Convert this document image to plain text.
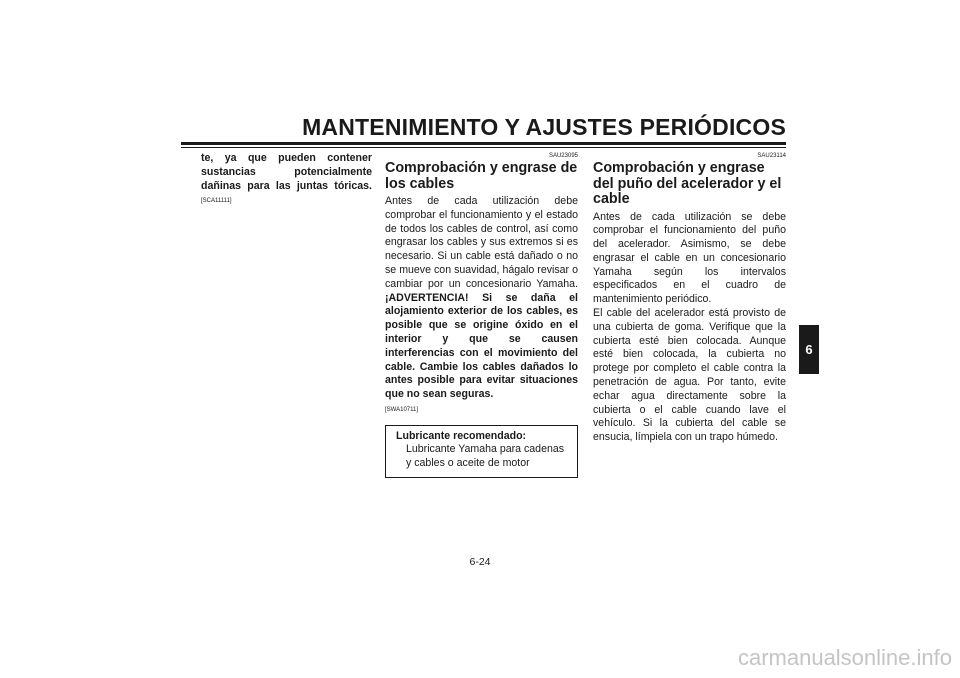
MANTENIMIENTO Y AJUSTES PERIÓDICOS

te, ya que pueden contener sustancias potencialmente dañinas para las juntas tóricas. [SCA11111]

SAU23095
Comprobación y engrase de los cables

Antes de cada utilización debe comprobar el funcionamiento y el estado de todos los cables de control, así como engrasar los cables y sus extremos si es necesario. Si un cable está dañado o no se mueve con suavidad, hágalo revisar o cambiar por un concesionario Yamaha. ¡ADVERTENCIA! Si se daña el alojamiento exterior de los cables, es posible que se origine óxido en el interior y que se causen interferencias con el movimiento del cable. Cambie los cables dañados lo antes posible para evitar situaciones que no sean seguras.

[SWA10711]
Lubricante recomendado:
Lubricante Yamaha para cadenas y cables o aceite de motor
SAU23114
Comprobación y engrase del puño del acelerador y el cable

Antes de cada utilización se debe comprobar el funcionamiento del puño del acelerador. Asimismo, se debe engrasar el cable en un concesionario Yamaha según los intervalos especificados en el cuadro de mantenimiento periódico.

El cable del acelerador está provisto de una cubierta de goma. Verifique que la cubierta esté bien colocada. Aunque esté bien colocada, la cubierta no protege por completo el cable contra la penetración de agua. Por tanto, evite echar agua directamente sobre la cubierta o el cable cuando lave el vehículo. Si la cubierta del cable se ensucia, límpiela con un trapo húmedo.

6
6-24
carmanualsonline.info
